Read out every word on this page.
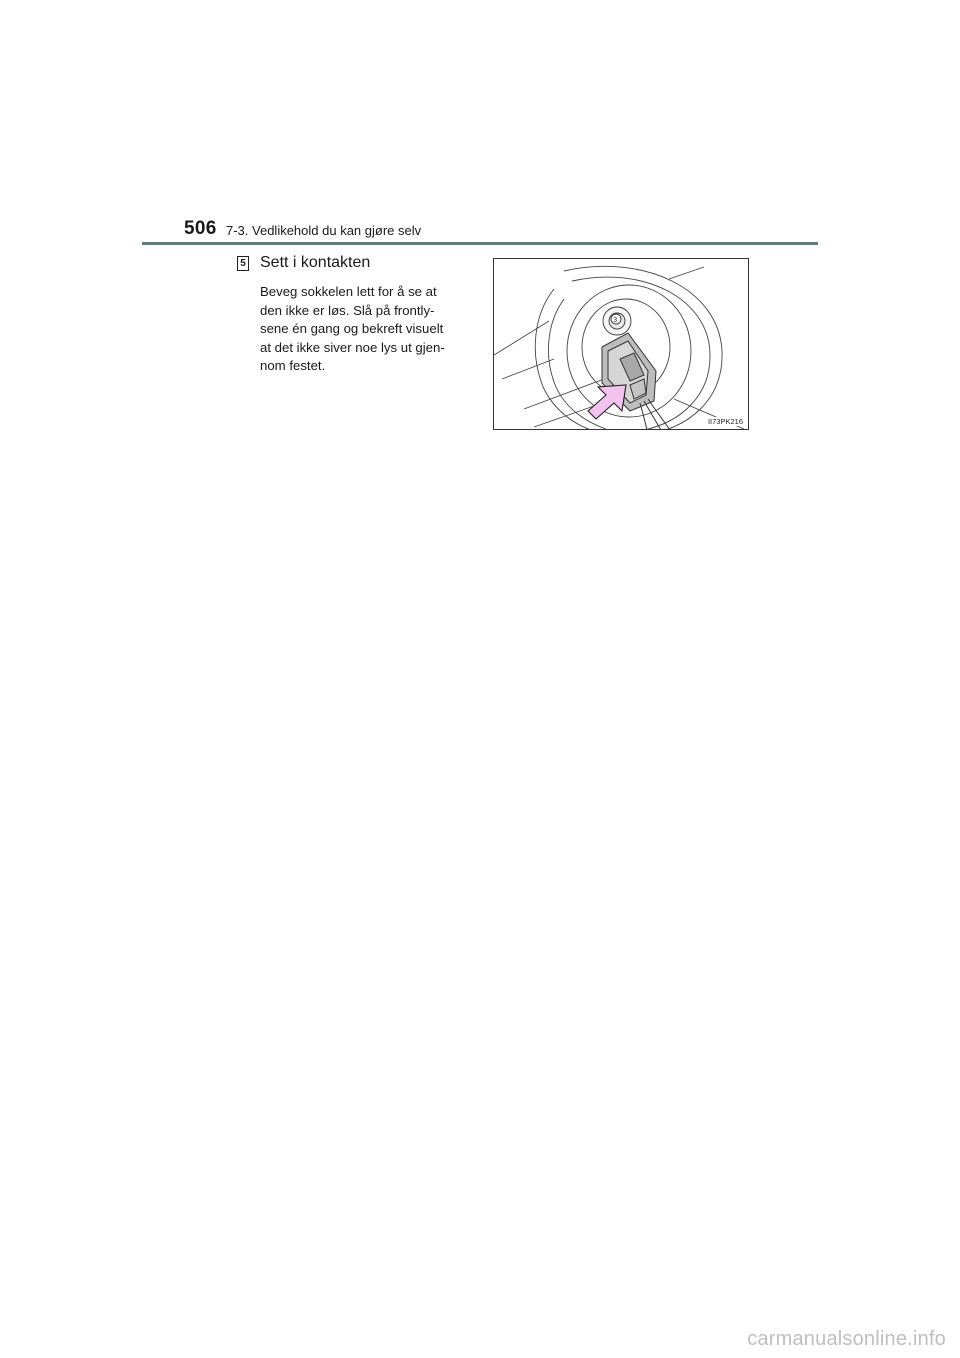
506 7-3. Vedlikehold du kan gjøre selv
5 Sett i kontakten
Beveg sokkelen lett for å se at
den ikke er løs. Slå på frontly-
sene én gang og bekreft visuelt
at det ikke siver noe lys ut gjen-
nom festet.
3
II73PK216
carmanualsonline.info
